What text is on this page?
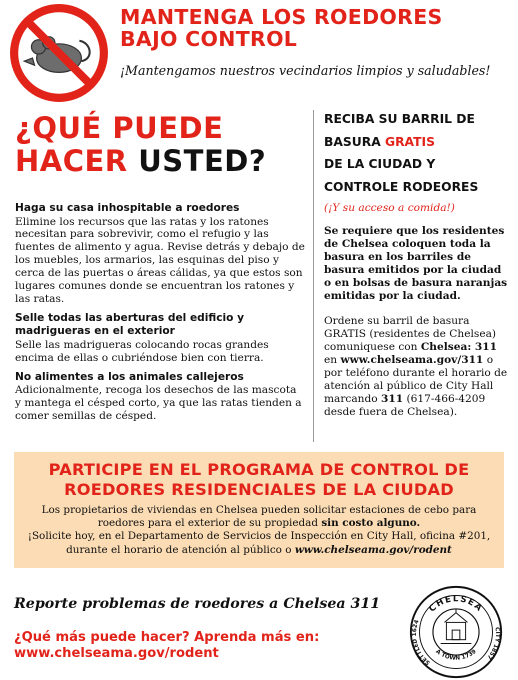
MANTENGA LOS ROEDORES
BAJO CONTROL
¡Mantengamos nuestros vecindarios limpios y saludables!
¿QUÉ PUEDE
HACER USTED?
Haga su casa inhospitable a roedores
Elimine los recursos que las ratas y los ratones necesitan para sobrevivir, como el refugio y las fuentes de alimento y agua. Revise detrás y debajo de los muebles, los armarios, las esquinas del piso y cerca de las puertas o áreas cálidas, ya que estos son lugares comunes donde se encuentran los ratones y las ratas.
Selle todas las aberturas del edificio y madrigueras en el exterior
Selle las madrigueras colocando rocas grandes encima de ellas o cubriéndose bien con tierra.
No alimentes a los animales callejeros
Adicionalmente, recoga los desechos de las mascota y mantega el césped corto, ya que las ratas tienden a comer semillas de césped.
RECIBA SU BARRIL DE
BASURA GRATIS
DE LA CIUDAD Y
CONTROLE RODEORES
(¡Y su acceso a comida!)
Se requiere que los residentes de Chelsea coloquen toda la basura en los barriles de basura emitidos por la ciudad o en bolsas de basura naranjas emitidas por la ciudad.
Ordene su barril de basura GRATIS (residentes de Chelsea) comuniquese con Chelsea: 311 en www.chelseama.gov/311 o por teléfono durante el horario de atención al público de City Hall marcando 311 (617-466-4209 desde fuera de Chelsea).
PARTICIPE EN EL PROGRAMA DE CONTROL DE
ROEDORES RESIDENCIALES DE LA CIUDAD
Los propietarios de viviendas en Chelsea pueden solicitar estaciones de cebo para roedores para el exterior de su propiedad sin costo alguno.
¡Solicite hoy, en el Departamento de Servicios de Inspección en City Hall, oficina #201, durante el horario de atención al público o www.chelseama.gov/rodent
Reporte problemas de roedores a Chelsea 311
¿Qué más puede hacer? Aprenda más en:
www.chelseama.gov/rodent
CHELSEA
SETTLED 1624
CITY 1857
A TOWN 1739
